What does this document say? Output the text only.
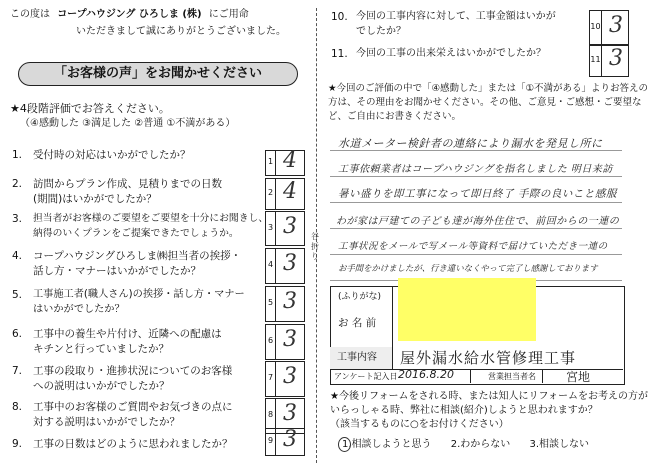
この度は コープハウジング ひろしま (株) にご用命
いただきまして誠にありがとうございました。
「お客様の声」をお聞かせください
★4段階評価でお答えください。
（④感動した ③満足した ②普通 ①不満がある）
1. 受付時の対応はいかがでしたか？
1 4
2. 訪問からプラン作成、見積りまでの日数
(期間)はいかがでしたか？
2 4
3. 担当者がお客様のご要望をご要望を十分にお聞きし、
納得のいくプランをご提案できたでしょうか。
3 3
4. コープハウジングひろしま㈱担当者の挨拶・
話し方・マナーはいかがでしたか？
4 3
5. 工事施工者(職人さん)の挨拶・話し方・マナー
はいかがでしたか？
5 3
6. 工事中の養生や片付け、近隣への配慮は
キチンと行っていましたか？
6 3
7. 工事の段取り・進捗状況についてのお客様
への説明はいかがでしたか？
7 3
8. 工事中のお客様のご質問やお気づきの点に
対する説明はいかがでしたか？
8 3
9. 工事の日数はどのように思われましたか？	9 3
10. 今回の工事内容に対して、工事金額はいかが
でしたか？	10 3
11. 今回の工事の出来栄えはいかがでしたか？
11 3
谷折り
★今回のご評価の中で「④感動した」または「①不満がある」よりお答えの
方は、その理由をお聞かせください。その他、ご意見・ご感想・ご要望な
ど、ご自由にお書きください。
水道メーター検針者の連絡により漏水を発見し所に
工事依頼業者はコープハウジングを指名しました 明日来訪
暑い盛りを即工事になって即日終了 手際の良いこと感服
わが家は戸建ての子ども達が海外住住で、前回からの一連の
工事状況をメールで写メール等資料で届けていただき一連の
お手間をかけましたが、行き違いなくやって完了し感謝しております
(ふりがな)
お 名 前
工事内容 屋外漏水給水管修理工事
アンケート記入日 2016.8.20	営業担当者名	宮地
★今後リフォームをされる時、または知人にリフォームをお考えの方が
いらっしゃる時、弊社に相談(紹介)しようと思われますか？
（該当するものに○をお付けください）
1.相談しようと思う 2.わからない 3.相談しない
